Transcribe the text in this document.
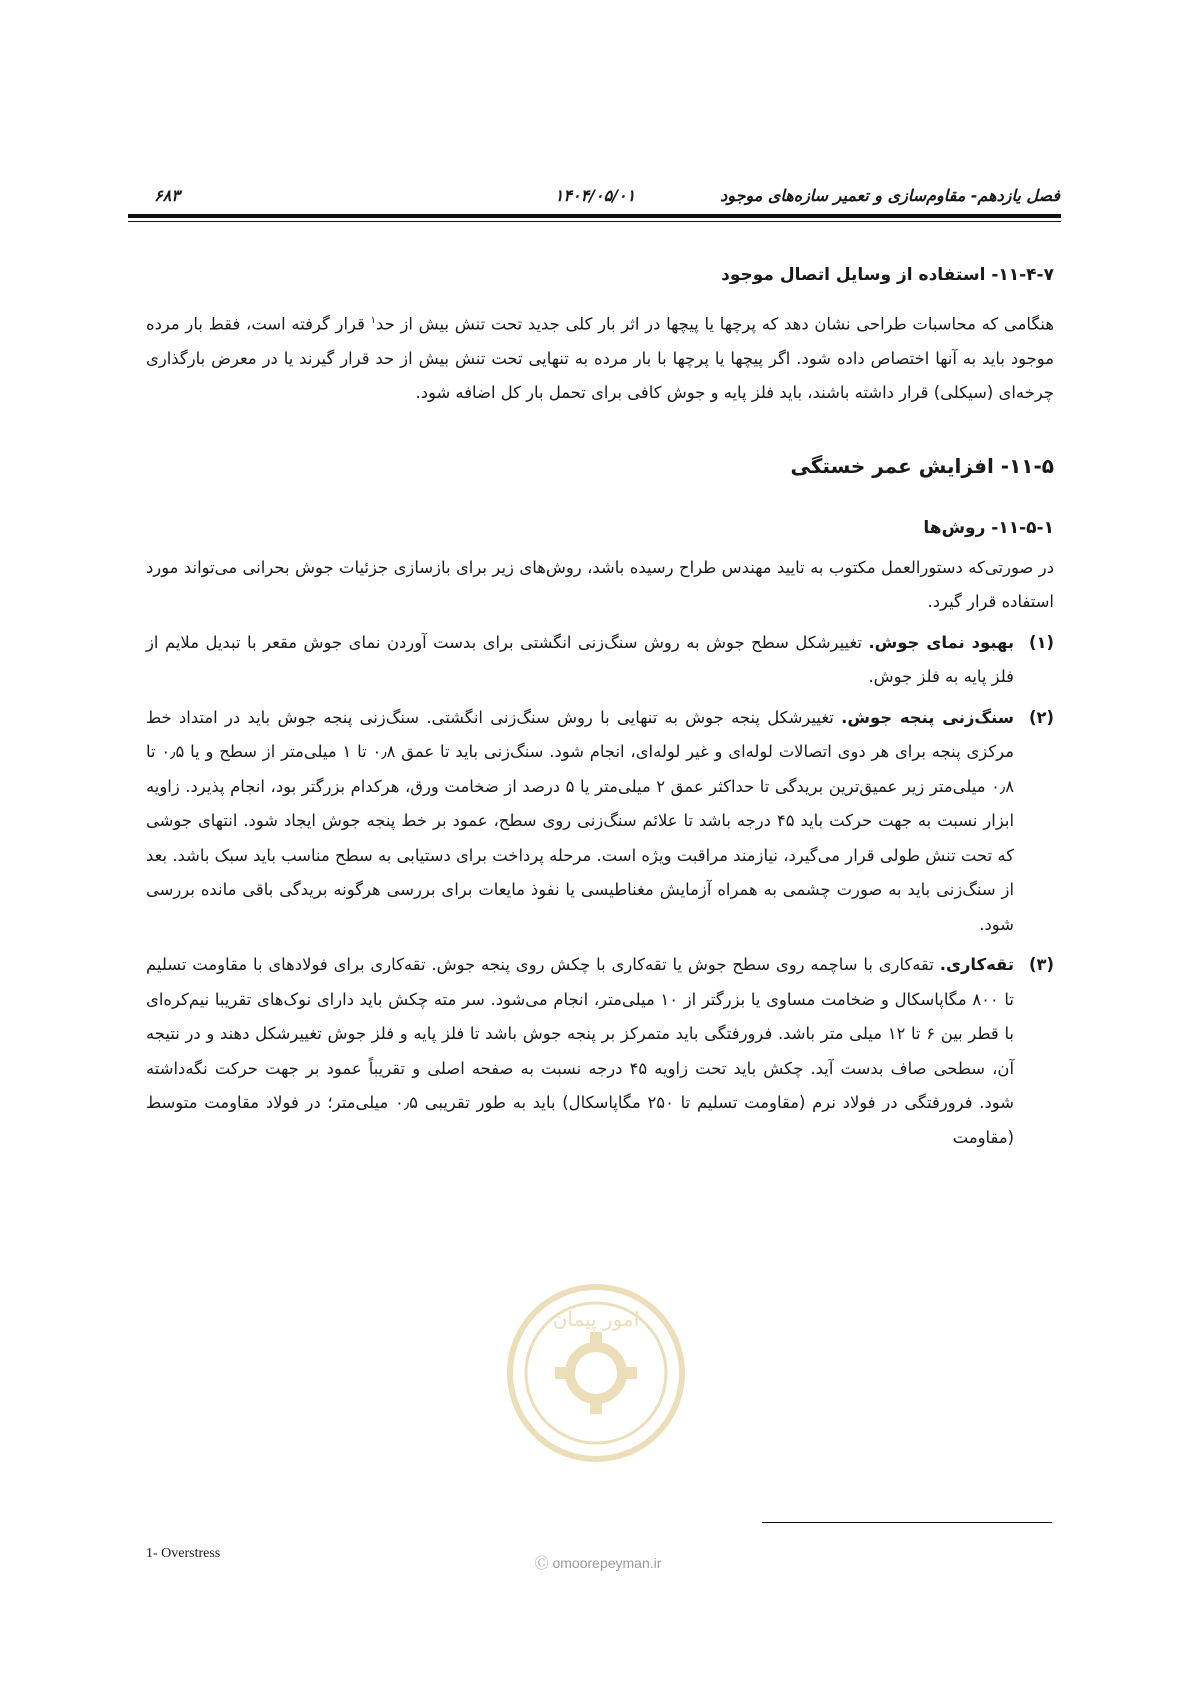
فصل یازدهم- مقاوم‌سازی و تعمیر سازه‌های موجود
۱۴۰۴/۰۵/۰۱
۶۸۳
۱۱-۴-۷- استفاده از وسایل اتصال موجود

هنگامی که محاسبات طراحی نشان دهد که پرچها یا پیچها در اثر بار کلی جدید تحت تنش بیش از حد$^۱$ قرار گرفته است، فقط بار مرده موجود باید به آنها اختصاص داده شود. اگر پیچها یا پرچها با بار مرده به تنهایی تحت تنش بیش از حد قرار گیرند یا در معرض بارگذاری چرخه‌ای (سیکلی) قرار داشته باشند، باید فلز پایه و جوش کافی برای تحمل بار کل اضافه شود.

۱۱-۵- افزایش عمر خستگی
۱۱-۵-۱- روش‌ها

در صورتی‌که دستورالعمل مکتوب به تایید مهندس طراح رسیده باشد، روش‌های زیر برای بازسازی جزئیات جوش بحرانی می‌تواند مورد استفاده قرار گیرد.

(۱)
بهبود نمای جوش. تغییرشکل سطح جوش به روش سنگ‌زنی انگشتی برای بدست آوردن نمای جوش مقعر با تبدیل ملایم از فلز پایه به فلز جوش.
(۲)
سنگ‌زنی پنجه جوش. تغییرشکل پنجه جوش به تنهایی با روش سنگ‌زنی انگشتی. سنگ‌زنی پنجه جوش باید در امتداد خط مرکزی پنجه برای هر دوی اتصالات لوله‌ای و غیر لوله‌ای، انجام شود. سنگ‌زنی باید تا عمق ۰٫۸ تا ۱ میلی‌متر از سطح و یا ۰٫۵ تا ۰٫۸ میلی‌متر زیر عمیق‌ترین بریدگی تا حداکثر عمق ۲ میلی‌متر یا ۵ درصد از ضخامت ورق، هرکدام بزرگتر بود، انجام پذیرد. زاویه ابزار نسبت به جهت حرکت باید ۴۵ درجه باشد تا علائم سنگ‌زنی روی سطح، عمود بر خط پنجه جوش ایجاد شود. انتهای جوشی که تحت تنش طولی قرار می‌گیرد، نیازمند مراقبت ویژه است. مرحله پرداخت برای دستیابی به سطح مناسب باید سبک باشد. بعد از سنگ‌زنی باید به صورت چشمی به همراه آزمایش مغناطیسی یا نفوذ مایعات برای بررسی هرگونه بریدگی باقی مانده بررسی شود.
(۳)
تقه‌کاری. تقه‌کاری با ساچمه روی سطح جوش یا تقه‌کاری با چکش روی پنجه جوش. تقه‌کاری برای فولادهای با مقاومت تسلیم تا ۸۰۰ مگاپاسکال و ضخامت مساوی یا بزرگتر از ۱۰ میلی‌متر، انجام می‌شود. سر مته چکش باید دارای نوک‌های تقریبا نیم‌کره‌ای با قطر بین ۶ تا ۱۲ میلی متر باشد. فرورفتگی باید متمرکز بر پنجه جوش باشد تا فلز پایه و فلز جوش تغییرشکل دهند و در نتیجه آن، سطحی صاف بدست آید. چکش باید تحت زاویه ۴۵ درجه نسبت به صفحه اصلی و تقریباً عمود بر جهت حرکت نگه‌داشته شود. فرورفتگی در فولاد نرم (مقاومت تسلیم تا ۲۵۰ مگاپاسکال) باید به طور تقریبی ۰٫۵ میلی‌متر؛ در فولاد مقاومت متوسط (مقاومت
امور پیمان
Ⓒ omoorepeyman.ir
1- Overstress
